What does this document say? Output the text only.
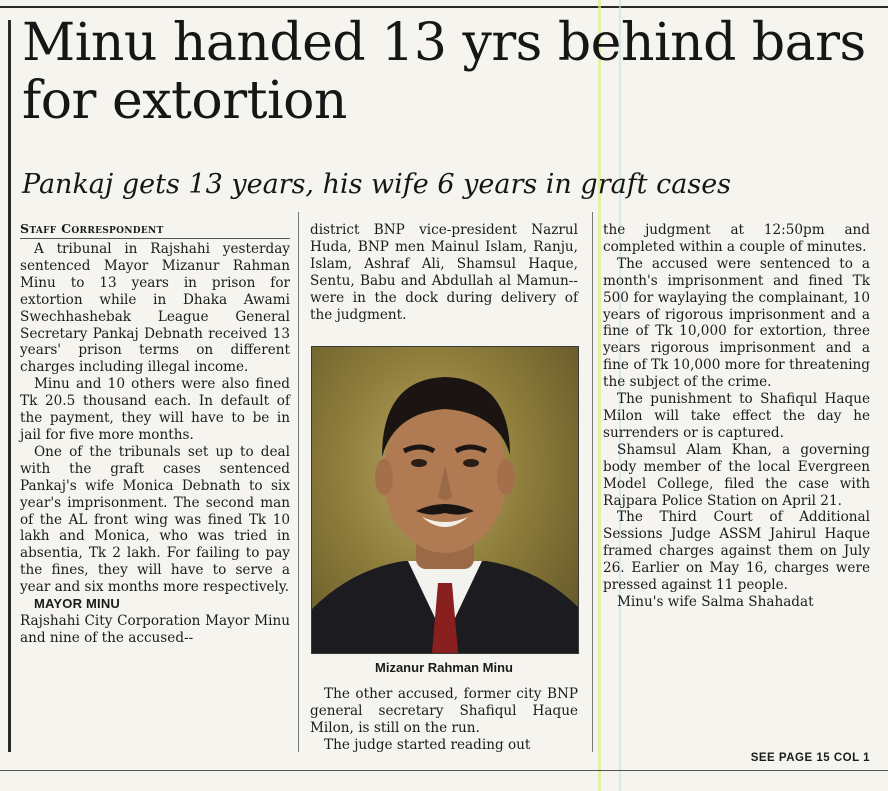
Minu handed 13 yrs behind bars for extortion
Pankaj gets 13 years, his wife 6 years in graft cases
Staff Correspondent

A tribunal in Rajshahi yesterday sentenced Mayor Mizanur Rahman Minu to 13 years in prison for extortion while in Dhaka Awami Swechhashebak League General Secretary Pankaj Debnath received 13 years' prison terms on different charges including illegal income.

Minu and 10 others were also fined Tk 20.5 thousand each. In default of the payment, they will have to be in jail for five more months.

One of the tribunals set up to deal with the graft cases sentenced Pankaj's wife Monica Debnath to six year's imprisonment. The second man of the AL front wing was fined Tk 10 lakh and Monica, who was tried in absentia, Tk 2 lakh. For failing to pay the fines, they will have to serve a year and six months more respectively.

MAYOR MINU

Rajshahi City Corporation Mayor Minu and nine of the accused--

district BNP vice-president Nazrul Huda, BNP men Mainul Islam, Ranju, Islam, Ashraf Ali, Shamsul Haque, Sentu, Babu and Abdullah al Mamun--were in the dock during delivery of the judgment.

Mizanur Rahman Minu

The other accused, former city BNP general secretary Shafiqul Haque Milon, is still on the run.

The judge started reading out

the judgment at 12:50pm and completed within a couple of minutes.

The accused were sentenced to a month's imprisonment and fined Tk 500 for waylaying the complainant, 10 years of rigorous imprisonment and a fine of Tk 10,000 for extortion, three years rigorous imprisonment and a fine of Tk 10,000 more for threatening the subject of the crime.

The punishment to Shafiqul Haque Milon will take effect the day he surrenders or is captured.

Shamsul Alam Khan, a governing body member of the local Evergreen Model College, filed the case with Rajpara Police Station on April 21.

The Third Court of Additional Sessions Judge ASSM Jahirul Haque framed charges against them on July 26. Earlier on May 16, charges were pressed against 11 people.

Minu's wife Salma Shahadat

SEE PAGE 15 COL 1
